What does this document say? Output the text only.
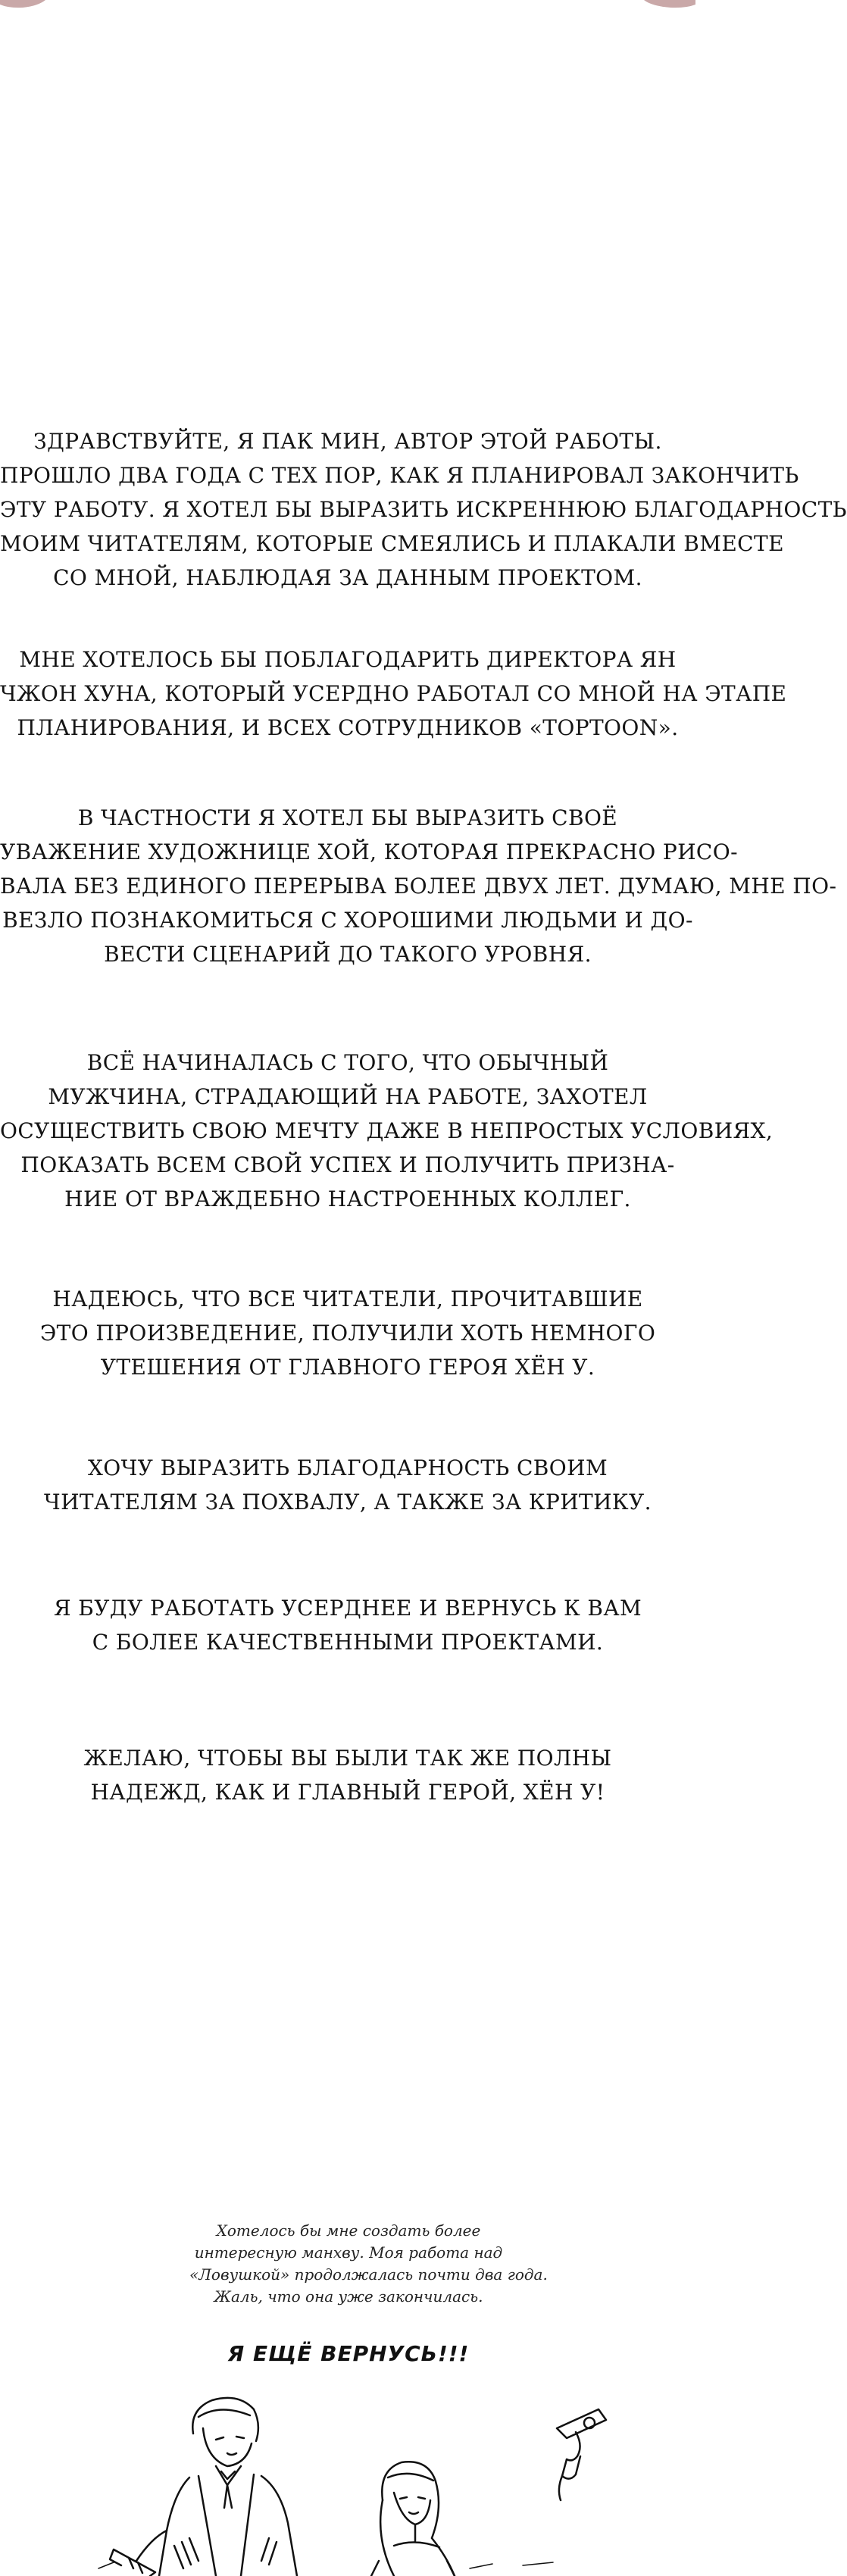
ЗДРАВСТВУЙТЕ, Я ПАК МИН, АВТОР ЭТОЙ РАБОТЫ.
ПРОШЛО ДВА ГОДА С ТЕХ ПОР, КАК Я ПЛАНИРОВАЛ ЗАКОНЧИТЬ
ЭТУ РАБОТУ. Я ХОТЕЛ БЫ ВЫРАЗИТЬ ИСКРЕННЮЮ БЛАГОДАРНОСТЬ
МОИМ ЧИТАТЕЛЯМ, КОТОРЫЕ СМЕЯЛИСЬ И ПЛАКАЛИ ВМЕСТЕ
СО МНОЙ, НАБЛЮДАЯ ЗА ДАННЫМ ПРОЕКТОМ.
МНЕ ХОТЕЛОСЬ БЫ ПОБЛАГОДАРИТЬ ДИРЕКТОРА ЯН
ЧЖОН ХУНА, КОТОРЫЙ УСЕРДНО РАБОТАЛ СО МНОЙ НА ЭТАПЕ
ПЛАНИРОВАНИЯ, И ВСЕХ СОТРУДНИКОВ «TOPTOON».
В ЧАСТНОСТИ Я ХОТЕЛ БЫ ВЫРАЗИТЬ СВОЁ
УВАЖЕНИЕ ХУДОЖНИЦЕ ХОЙ, КОТОРАЯ ПРЕКРАСНО РИСО-
ВАЛА БЕЗ ЕДИНОГО ПЕРЕРЫВА БОЛЕЕ ДВУХ ЛЕТ. ДУМАЮ, МНЕ ПО-
ВЕЗЛО ПОЗНАКОМИТЬСЯ С ХОРОШИМИ ЛЮДЬМИ И ДО-
ВЕСТИ СЦЕНАРИЙ ДО ТАКОГО УРОВНЯ.
ВСЁ НАЧИНАЛАСЬ С ТОГО, ЧТО ОБЫЧНЫЙ
МУЖЧИНА, СТРАДАЮЩИЙ НА РАБОТЕ, ЗАХОТЕЛ
ОСУЩЕСТВИТЬ СВОЮ МЕЧТУ ДАЖЕ В НЕПРОСТЫХ УСЛОВИЯХ,
ПОКАЗАТЬ ВСЕМ СВОЙ УСПЕХ И ПОЛУЧИТЬ ПРИЗНА-
НИЕ ОТ ВРАЖДЕБНО НАСТРОЕННЫХ КОЛЛЕГ.
НАДЕЮСЬ, ЧТО ВСЕ ЧИТАТЕЛИ, ПРОЧИТАВШИЕ
ЭТО ПРОИЗВЕДЕНИЕ, ПОЛУЧИЛИ ХОТЬ НЕМНОГО
УТЕШЕНИЯ ОТ ГЛАВНОГО ГЕРОЯ ХЁН У.
ХОЧУ ВЫРАЗИТЬ БЛАГОДАРНОСТЬ СВОИМ
ЧИТАТЕЛЯМ ЗА ПОХВАЛУ, А ТАКЖЕ ЗА КРИТИКУ.
Я БУДУ РАБОТАТЬ УСЕРДНЕЕ И ВЕРНУСЬ К ВАМ
С БОЛЕЕ КАЧЕСТВЕННЫМИ ПРОЕКТАМИ.
ЖЕЛАЮ, ЧТОБЫ ВЫ БЫЛИ ТАК ЖЕ ПОЛНЫ
НАДЕЖД, КАК И ГЛАВНЫЙ ГЕРОЙ, ХЁН У!
Хотелось бы мне создать более
интересную манхву. Моя работа над
«Ловушкой» продолжалась почти два года.
Жаль, что она уже закончилась.
Я ЕЩЁ ВЕРНУСЬ!!!
